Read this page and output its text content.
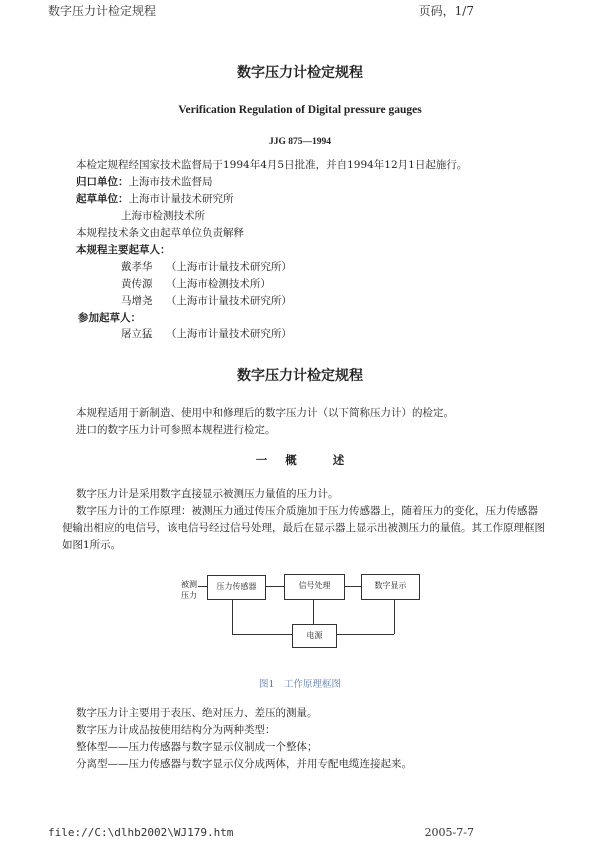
数字压力计检定规程	页码，1/7
数字压力计检定规程
Verification Regulation of Digital pressure gauges
JJG 875—1994
本检定规程经国家技术监督局于1994年4月5日批准，并自1994年12月1日起施行。
归口单位：上海市技术监督局
起草单位：上海市计量技术研究所
上海市检测技术所
本规程技术条文由起草单位负责解释
本规程主要起草人：
戴孝华 （上海市计量技术研究所）
黄传源 （上海市检测技术所）
马增尧 （上海市计量技术研究所）
参加起草人：
屠立猛 （上海市计量技术研究所）
数字压力计检定规程
本规程适用于新制造、使用中和修理后的数字压力计（以下简称压力计）的检定。
进口的数字压力计可参照本规程进行检定。
一 概	述
数字压力计是采用数字直接显示被测压力量值的压力计。
数字压力计的工作原理：被测压力通过传压介质施加于压力传感器上，随着压力的变化，压力传感器
便输出相应的电信号，该电信号经过信号处理，最后在显示器上显示出被测压力的量值。其工作原理框图
如图1所示。
被测
压力
压力传感器	信号处理	数字显示
电源
图1　工作原理框图
数字压力计主要用于表压、绝对压力、差压的测量。
数字压力计成品按使用结构分为两种类型：
整体型——压力传感器与数字显示仪制成一个整体；
分离型——压力传感器与数字显示仪分成两体，并用专配电缆连接起来。
file://C:\dlhb2002\WJ179.htm	2005-7-7
